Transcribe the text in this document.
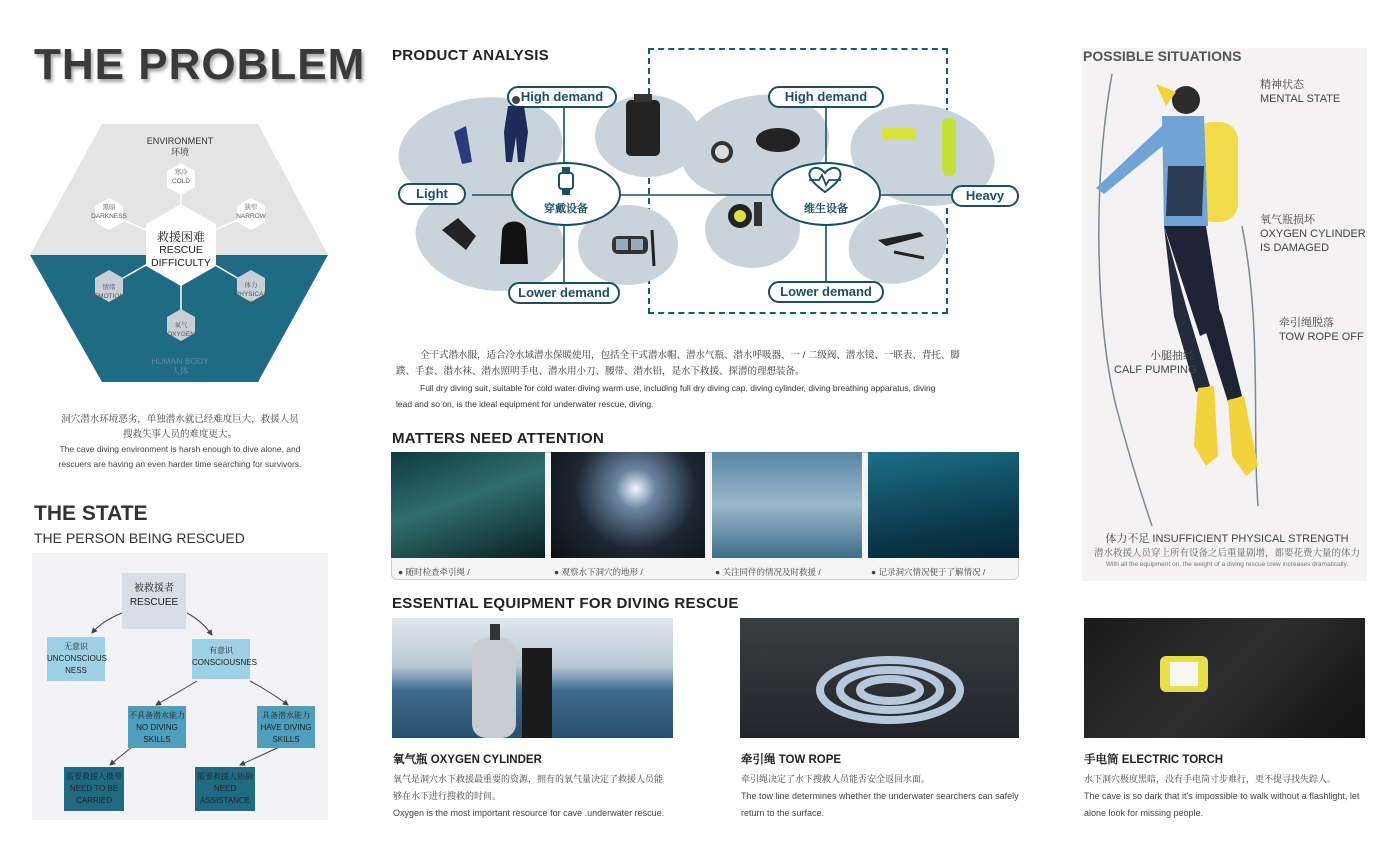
THE PROBLEM
ENVIRONMENT
环境
救援困难
RESCUE
DIFFICULTY
寒冷
COLD
黑暗
DARKNESS
狭窄
NARROW
情绪
EMOTION
体力
PHYSICAL POWER
氧气
OXYGEN
HUMAN BODY
人体
洞穴潜水环境恶劣，单独潜水就已经难度巨大，救援人员
搜救失事人员的难度更大。
The cave diving environment is harsh enough to dive alone, and
rescuers are having an even harder time searching for survivors.
THE STATE
THE PERSON BEING RESCUED
被救援者
RESCUEE
无意识
UNCONSCIOUS
NESS
有意识
CONSCIOUSNES
不具备潜水能力
NO DIVING
SKILLS
具备潜水能力
HAVE DIVING
SKILLS
需要救援人携带
NEED TO BE
CARRIED
需要救援人协助
NEED
ASSISTANCE
PRODUCT ANALYSIS
穿戴设备	维生设备
High demand	High demand
Lower demand	Lower demand
Light	Heavy
全干式潜水服，适合冷水域潜水保暖使用，包括全干式潜水帽、潜水气瓶、潜水呼吸器、一 / 二级阀、潜水镜、一联表、背托、脚
蹼、手套、潜水袜、潜水照明手电、潜水用小刀、腰带、潜水铅，是水下救援、探潜的理想装备。
Full dry diving suit, suitable for cold water diving warm use, including full dry diving cap, diving cylinder, diving breathing apparatus, diving
lead and so on, is the ideal equipment for underwater rescue, diving.
MATTERS NEED ATTENTION
● 随时检查牵引绳 /	● 观察水下洞穴的地形 /	● 关注同伴的情况及时救援 /	● 记录洞穴情况便于了解情况 /
ESSENTIAL EQUIPMENT FOR DIVING RESCUE
氧气瓶 OXYGEN CYLINDER
氧气是洞穴水下救援最重要的资源，拥有的氧气量决定了救援人员能
够在水下进行搜救的时间。
Oxygen is the most important resource for cave .underwater rescue.
牵引绳 TOW ROPE
牵引绳决定了水下搜救人员能否安全返回水面。
The tow line determines whether the underwater searchers can safely
return to the surface.
手电筒 ELECTRIC TORCH
水下洞穴极度黑暗，没有手电筒寸步难行，更不提寻找失踪人。
The cave is so dark that it's impossible to walk without a flashlight, let
alone look for missing people.
POSSIBLE SITUATIONS
精神状态
MENTAL STATE
氧气瓶损坏
OXYGEN CYLINDER
IS DAMAGED
牵引绳脱落
TOW ROPE OFF
小腿抽经
CALF PUMPING
体力不足 INSUFFICIENT PHYSICAL STRENGTH
潜水救援人员穿上所有设备之后重量剧增，都要花费大量的体力
With all the equipment on, the weight of a diving rescue crew increases dramatically.
